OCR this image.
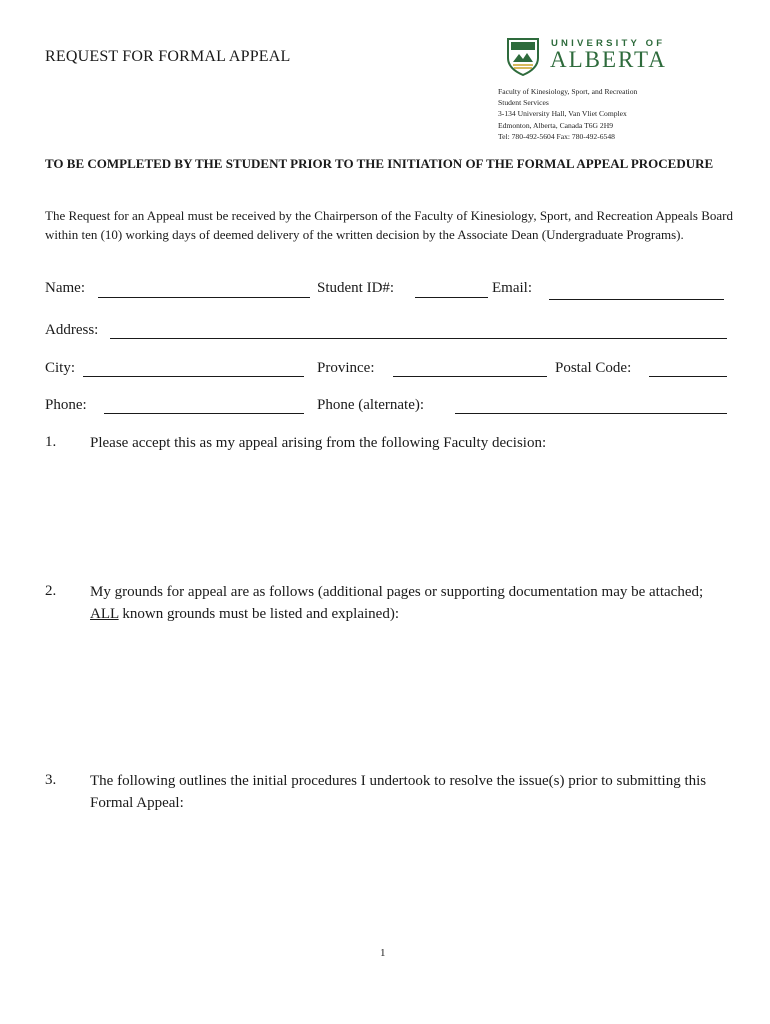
REQUEST FOR FORMAL APPEAL
UNIVERSITY OF
ALBERTA
Faculty of Kinesiology, Sport, and Recreation
Student Services
3-134 University Hall, Van Vliet Complex
Edmonton, Alberta, Canada T6G 2H9
Tel: 780-492-5604 Fax: 780-492-6548
TO BE COMPLETED BY THE STUDENT PRIOR TO THE INITIATION OF THE FORMAL APPEAL PROCEDURE
The Request for an Appeal must be received by the Chairperson of the Faculty of Kinesiology, Sport, and Recreation Appeals Board within ten (10) working days of deemed delivery of the written decision by the Associate Dean (Undergraduate Programs).
Name:	Student ID#:	Email:
Address:
City:	Province:	Postal Code:
Phone:	Phone (alternate):
1. Please accept this as my appeal arising from the following Faculty decision:
2. My grounds for appeal are as follows (additional pages or supporting documentation may be attached; ALL known grounds must be listed and explained):
3. The following outlines the initial procedures I undertook to resolve the issue(s) prior to submitting this Formal Appeal:
1
